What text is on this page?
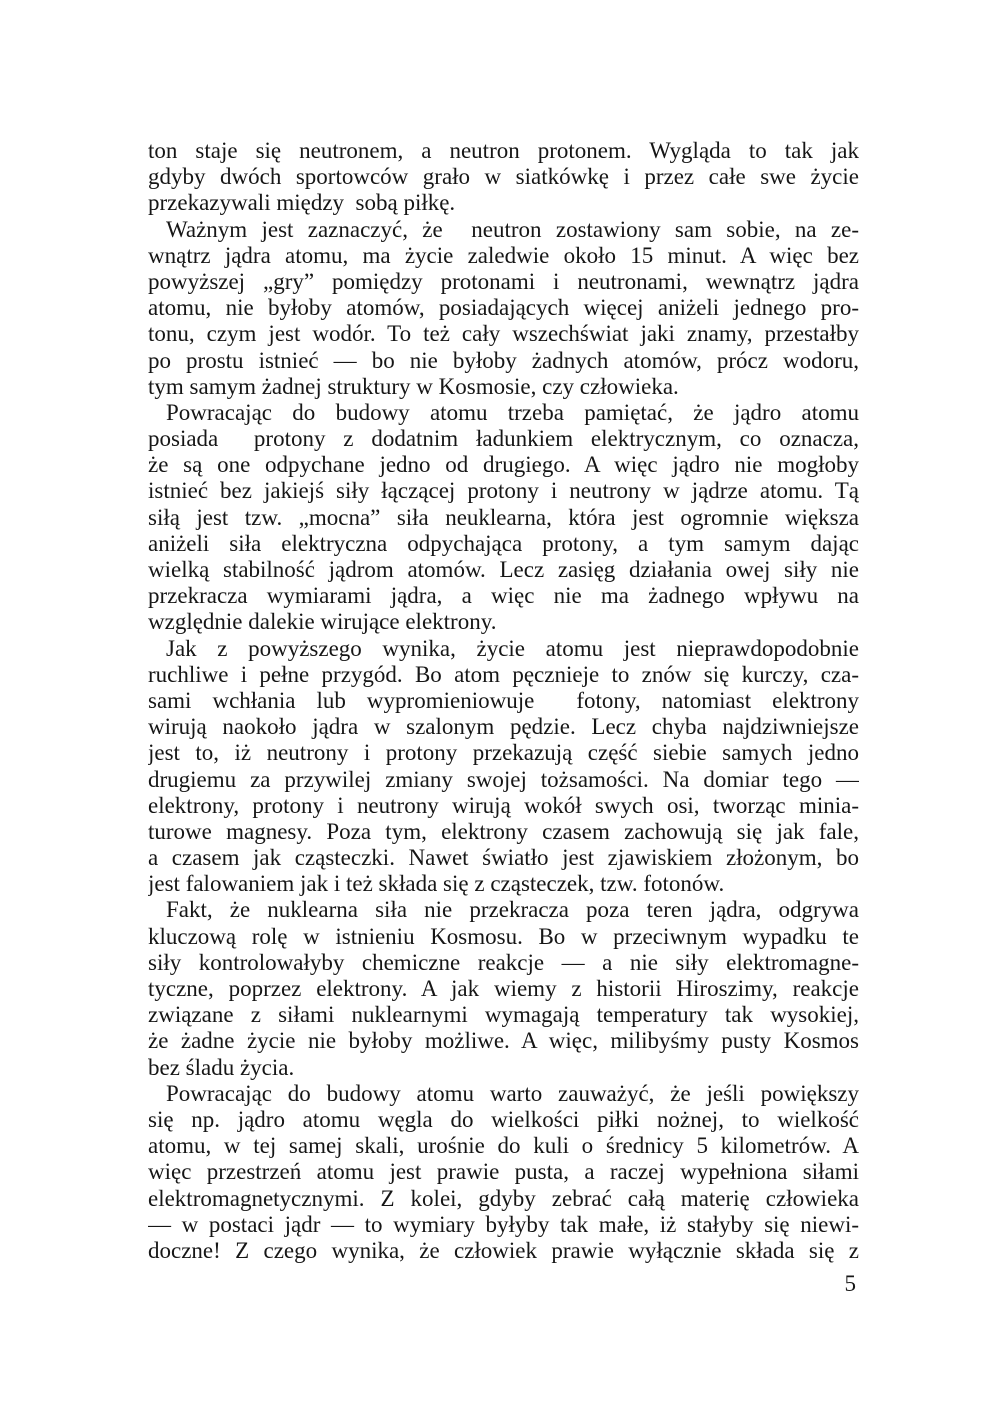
ton staje się neutronem, a neutron protonem. Wygląda to tak jak
gdyby dwóch sportowców grało w siatkówkę i przez całe swe życie
przekazywali między  sobą piłkę.
Ważnym jest zaznaczyć, że  neutron zostawiony sam sobie, na ze-
wnątrz jądra atomu, ma życie zaledwie około 15 minut. A więc bez
powyższej „gry” pomiędzy protonami i neutronami, wewnątrz jądra
atomu, nie byłoby atomów, posiadających więcej aniżeli jednego pro-
tonu, czym jest wodór. To też cały wszechświat jaki znamy, przestałby
po prostu istnieć — bo nie byłoby żadnych atomów, prócz wodoru,
tym samym żadnej struktury w Kosmosie, czy człowieka.
Powracając do budowy atomu trzeba pamiętać, że jądro atomu
posiada  protony z dodatnim ładunkiem elektrycznym, co oznacza,
że są one odpychane jedno od drugiego. A więc jądro nie mogłoby
istnieć bez jakiejś siły łączącej protony i neutrony w jądrze atomu. Tą
siłą jest tzw. „mocna” siła neuklearna, która jest ogromnie większa
aniżeli siła elektryczna odpychająca protony, a tym samym dając
wielką stabilność jądrom atomów. Lecz zasięg działania owej siły nie
przekracza wymiarami jądra, a więc nie ma żadnego wpływu na
względnie dalekie wirujące elektrony.
Jak z powyższego wynika, życie atomu jest nieprawdopodobnie
ruchliwe i pełne przygód. Bo atom pęcznieje to znów się kurczy, cza-
sami wchłania lub wypromieniowuje  fotony, natomiast elektrony
wirują naokoło jądra w szalonym pędzie. Lecz chyba najdziwniejsze
jest to, iż neutrony i protony przekazują część siebie samych jedno
drugiemu za przywilej zmiany swojej tożsamości. Na domiar tego —
elektrony, protony i neutrony wirują wokół swych osi, tworząc minia-
turowe magnesy. Poza tym, elektrony czasem zachowują się jak fale,
a czasem jak cząsteczki. Nawet światło jest zjawiskiem złożonym, bo
jest falowaniem jak i też składa się z cząsteczek, tzw. fotonów.
Fakt, że nuklearna siła nie przekracza poza teren jądra, odgrywa
kluczową rolę w istnieniu Kosmosu. Bo w przeciwnym wypadku te
siły kontrolowałyby chemiczne reakcje — a nie siły elektromagne-
tyczne, poprzez elektrony. A jak wiemy z historii Hiroszimy, reakcje
związane z siłami nuklearnymi wymagają temperatury tak wysokiej,
że żadne życie nie byłoby możliwe. A więc, milibyśmy pusty Kosmos
bez śladu życia.
Powracając do budowy atomu warto zauważyć, że jeśli powiększy
się np. jądro atomu węgla do wielkości piłki nożnej, to wielkość
atomu, w tej samej skali, urośnie do kuli o średnicy 5 kilometrów. A
więc przestrzeń atomu jest prawie pusta, a raczej wypełniona siłami
elektromagnetycznymi. Z kolei, gdyby zebrać całą materię człowieka
— w postaci jądr — to wymiary byłyby tak małe, iż stałyby się niewi-
doczne! Z czego wynika, że człowiek prawie wyłącznie składa się z
5
